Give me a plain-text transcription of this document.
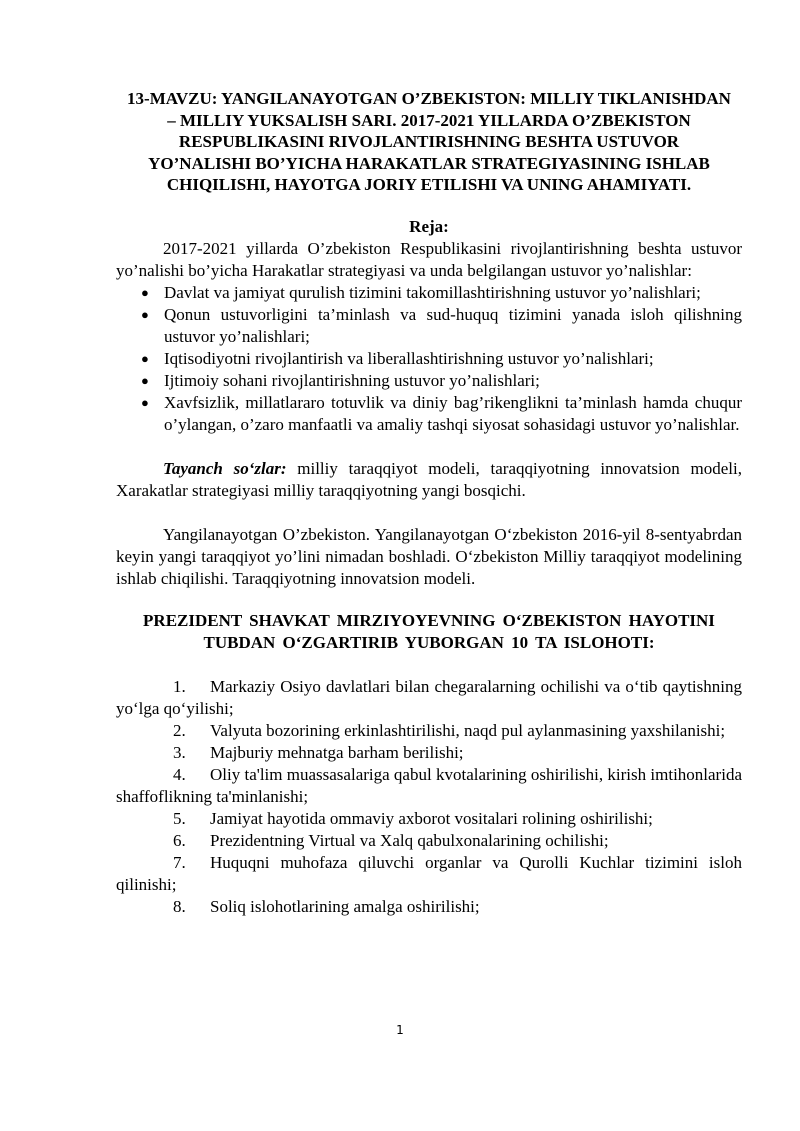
13-MAVZU: YANGILANAYOTGAN O’ZBEKISTON: MILLIY TIKLANISHDAN – MILLIY YUKSALISH SARI. 2017-2021 YILLARDA O’ZBEKISTON RESPUBLIKASINI RIVOJLANTIRISHNING BESHTA USTUVOR YO’NALISHI BO’YICHA HARAKATLAR STRATEGIYASINING ISHLAB CHIQILISHI, HAYOTGA JORIY ETILISHI VA UNING AHAMIYATI.

Reja:

2017-2021 yillarda O’zbekiston Respublikasini rivojlantirishning beshta ustuvor yo’nalishi bo’yicha Harakatlar strategiyasi va unda belgilangan ustuvor yo’nalishlar:

● Davlat va jamiyat qurulish tizimini takomillashtirishning ustuvor yo’nalishlari;
● Qonun ustuvorligini ta’minlash va sud-huquq tizimini yanada isloh qilishning ustuvor yo’nalishlari;
● Iqtisodiyotni rivojlantirish va liberallashtirishning ustuvor yo’nalishlari;
● Ijtimoiy sohani rivojlantirishning ustuvor yo’nalishlari;
● Xavfsizlik, millatlararo totuvlik va diniy bag’rikenglikni ta’minlash hamda chuqur o’ylangan, o’zaro manfaatli va amaliy tashqi siyosat sohasidagi ustuvor yo’nalishlar.

Tayanch so‘zlar: milliy taraqqiyot modeli, taraqqiyotning innovatsion modeli, Xarakatlar strategiyasi milliy taraqqiyotning yangi bosqichi.

Yangilanayotgan O’zbekiston. Yangilanayotgan O‘zbekiston 2016-yil 8-sentyabrdan keyin yangi taraqqiyot yo’lini nimadan boshladi. O‘zbekiston Milliy taraqqiyot modelining ishlab chiqilishi. Taraqqiyotning innovatsion modeli.

PREZIDENT SHAVKAT MIRZIYOYEVNING O‘ZBEKISTON HAYOTINI TUBDAN O‘ZGARTIRIB YUBORGAN 10 TA ISLOHOTI:

1. Markaziy Osiyo davlatlari bilan chegaralarning ochilishi va o‘tib qaytishning yo‘lga qo‘yilishi;
2. Valyuta bozorining erkinlashtirilishi, naqd pul aylanmasining yaxshilanishi;
3. Majburiy mehnatga barham berilishi;
4. Oliy ta'lim muassasalariga qabul kvotalarining oshirilishi, kirish imtihonlarida shaffoflikning ta'minlanishi;
5. Jamiyat hayotida ommaviy axborot vositalari rolining oshirilishi;
6. Prezidentning Virtual va Xalq qabulxonalarining ochilishi;
7. Huquqni muhofaza qiluvchi organlar va Qurolli Kuchlar tizimini isloh qilinishi;
8. Soliq islohotlarining amalga oshirilishi;
1
